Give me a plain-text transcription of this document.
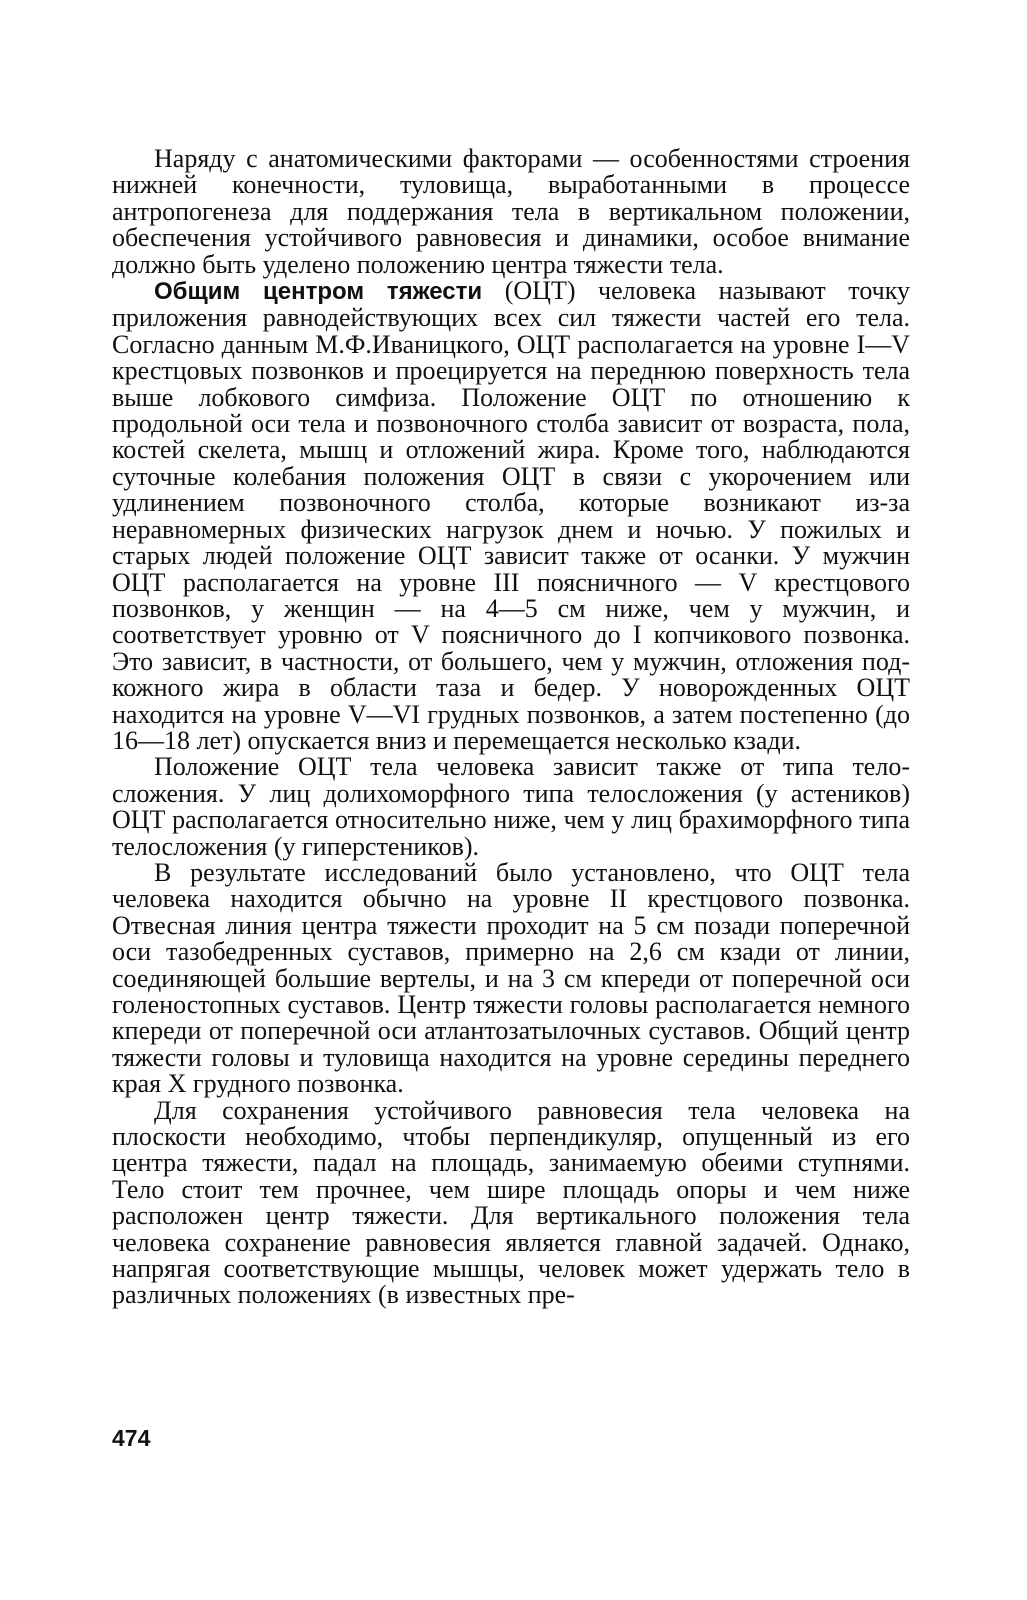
Наряду с анатомическими факторами — особенностями строения нижней конечности, туловища, выработанными в процессе антропогенеза для поддержания тела в вертикальном положении, обеспечения устойчивого равновесия и динамики, особое внимание должно быть уделено положению центра тяжести тела.

Общим центром тяжести (ОЦТ) человека называют точку приложения равнодействующих всех сил тяжести частей его тела. Согласно данным М.Ф.Иваницкого, ОЦТ располагается на уровне I—V крестцовых позвонков и проецируется на переднюю поверхность тела выше лобкового симфиза. Положение ОЦТ по отношению к продольной оси тела и позвоночного столба зависит от возраста, пола, костей скелета, мышц и отложений жира. Кроме того, наблюдаются суточные колебания положения ОЦТ в связи с укорочением или удлинением позвоночного столба, которые возникают из-за неравномерных физических нагрузок днем и ночью. У пожилых и старых людей положение ОЦТ зависит также от осанки. У мужчин ОЦТ располагается на уровне III поясничного — V крестцового позвонков, у женщин — на 4—5 см ниже, чем у мужчин, и соответствует уровню от V поясничного до I копчикового позвонка. Это зависит, в частности, от большего, чем у мужчин, отложения подкожного жира в области таза и бедер. У новорожденных ОЦТ находится на уровне V—VI грудных позвонков, а затем постепенно (до 16—18 лет) опускается вниз и перемещается несколько кзади.

Положение ОЦТ тела человека зависит также от типа телосложения. У лиц долихоморфного типа телосложения (у астеников) ОЦТ располагается относительно ниже, чем у лиц брахиморфного типа телосложения (у гиперстеников).

В результате исследований было установлено, что ОЦТ тела человека находится обычно на уровне II крестцового позвонка. Отвесная линия центра тяжести проходит на 5 см позади поперечной оси тазобедренных суставов, примерно на 2,6 см кзади от линии, соединяющей большие вертелы, и на 3 см кпереди от поперечной оси голеностопных суставов. Центр тяжести головы располагается немного кпереди от поперечной оси атлантозатылочных суставов. Общий центр тяжести головы и туловища находится на уровне середины переднего края X грудного позвонка.

Для сохранения устойчивого равновесия тела человека на плоскости необходимо, чтобы перпендикуляр, опущенный из его центра тяжести, падал на площадь, занимаемую обеими ступнями. Тело стоит тем прочнее, чем шире площадь опоры и чем ниже расположен центр тяжести. Для вертикального положения тела человека сохранение равновесия является главной задачей. Однако, напрягая соответствующие мышцы, человек может удержать тело в различных положениях (в известных пре-

474
